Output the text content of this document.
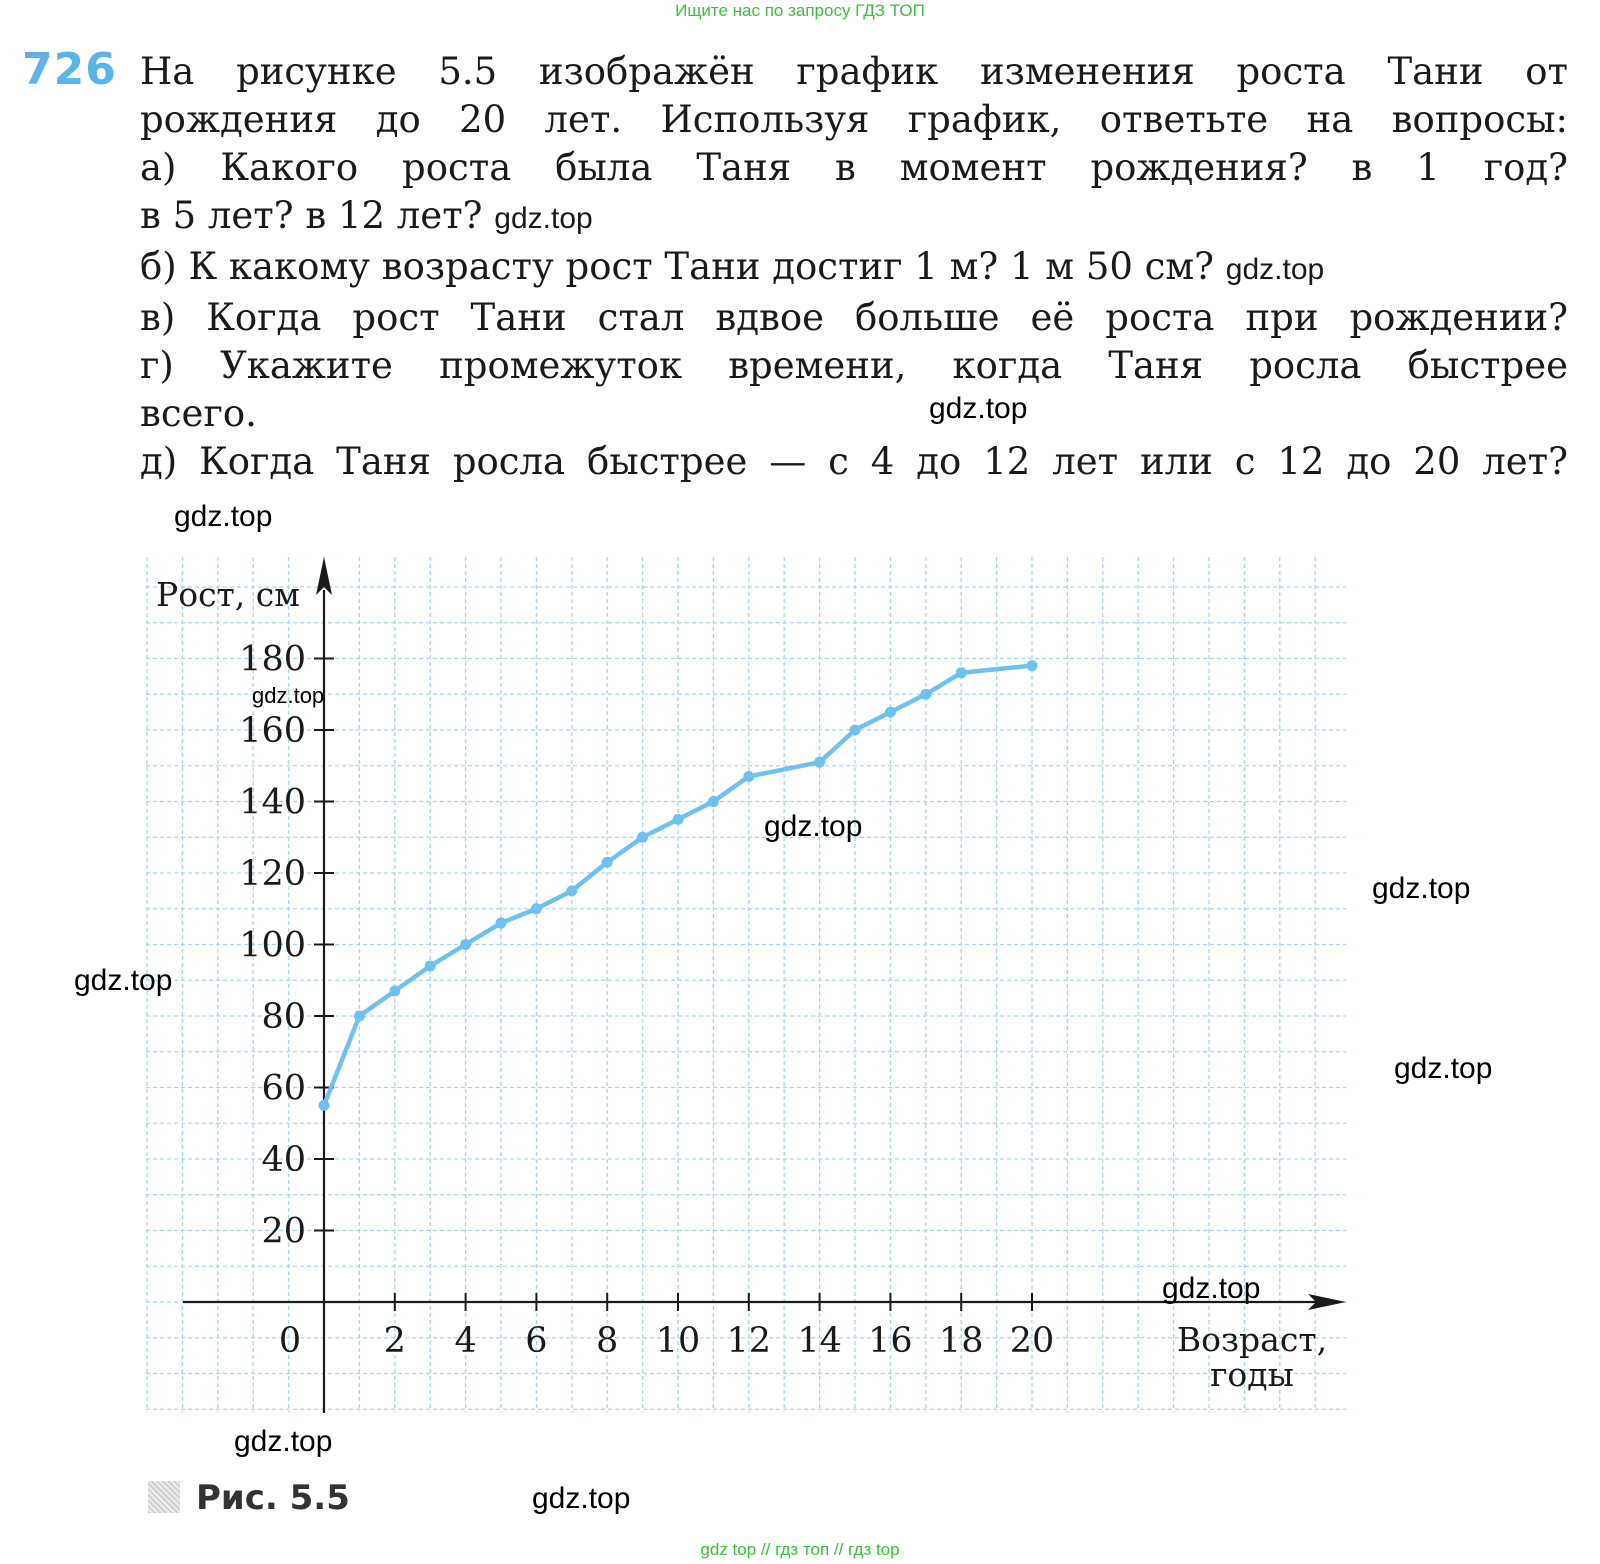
Ищите нас по запросу ГДЗ ТОП
726 На рисунке 5.5 изображён график изменения роста Тани от
рождения до 20 лет. Используя график, ответьте на вопросы:
а) Какого роста была Таня в момент рождения? в 1 год?
в 5 лет? в 12 лет? gdz.top
б) К какому возрасту рост Тани достиг 1 м? 1 м 50 см? gdz.top
в) Когда рост Тани стал вдвое больше её роста при рождении?
г) Укажите промежуток времени, когда Таня росла быстрее
всего.
д) Когда Таня росла быстрее — с 4 до 12 лет или с 12 до 20 лет?
2 4 6 8 10 12 14 16 18 20
0
20
40
60
80
100
120
140
160
180
Рост, см
Возраст,
годы
gdz.top
gdz.top
gdz.top
gdz.top
gdz.top
gdz.top
gdz.top
gdz.top
gdz.top
gdz.top
Рис. 5.5
gdz top // гдз топ // гдз top
